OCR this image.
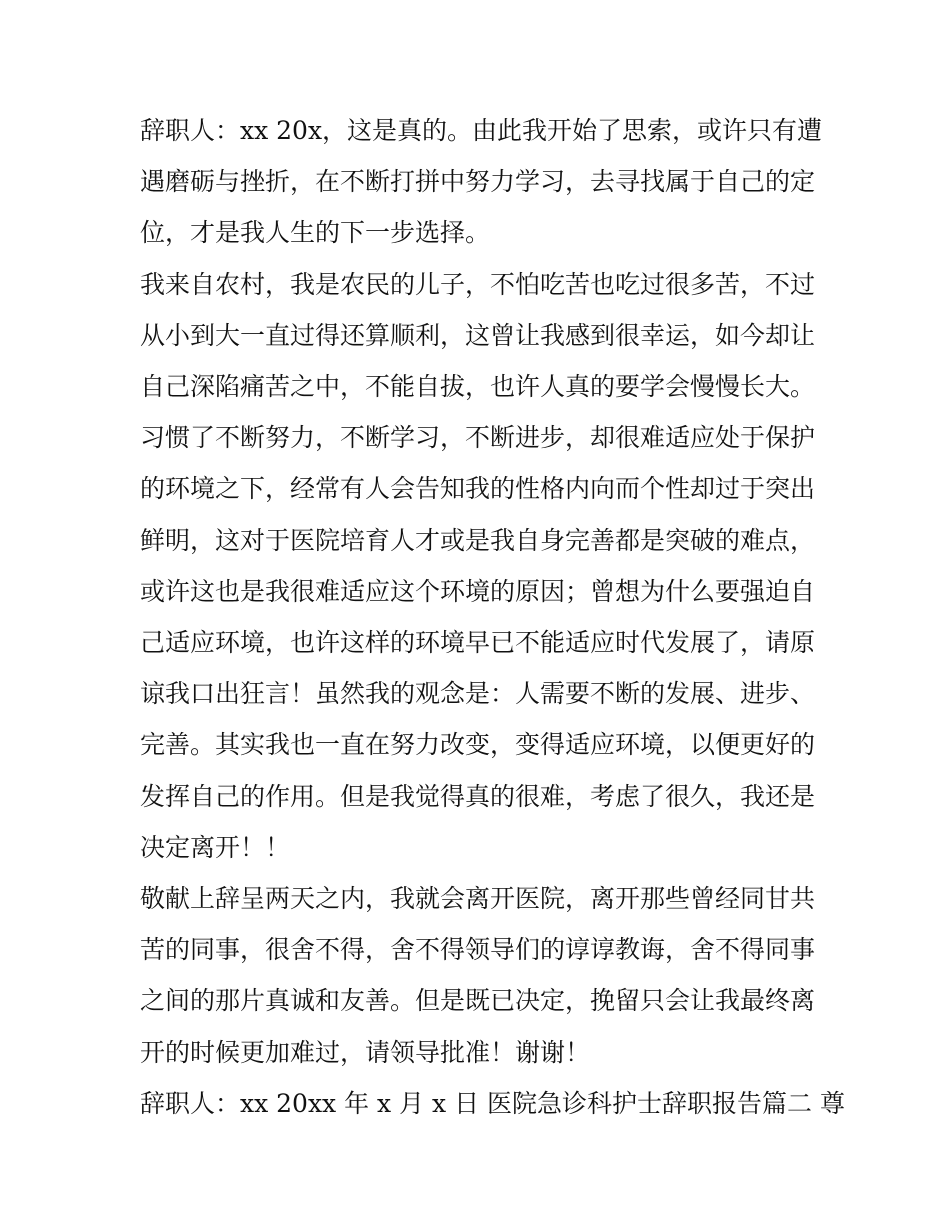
辞职人：xx 20x，这是真的。由此我开始了思索，或许只有遭
遇磨砺与挫折，在不断打拼中努力学习，去寻找属于自己的定
位，才是我人生的下一步选择。

我来自农村，我是农民的儿子，不怕吃苦也吃过很多苦，不过
从小到大一直过得还算顺利，这曾让我感到很幸运，如今却让
自己深陷痛苦之中，不能自拔，也许人真的要学会慢慢长大。
习惯了不断努力，不断学习，不断进步，却很难适应处于保护
的环境之下，经常有人会告知我的性格内向而个性却过于突出
鲜明，这对于医院培育人才或是我自身完善都是突破的难点，
或许这也是我很难适应这个环境的原因；曾想为什么要强迫自
己适应环境，也许这样的环境早已不能适应时代发展了，请原
谅我口出狂言！虽然我的观念是：人需要不断的发展、进步、
完善。其实我也一直在努力改变，变得适应环境，以便更好的
发挥自己的作用。但是我觉得真的很难，考虑了很久，我还是
决定离开！！

敬献上辞呈两天之内，我就会离开医院，离开那些曾经同甘共
苦的同事，很舍不得，舍不得领导们的谆谆教诲，舍不得同事
之间的那片真诚和友善。但是既已决定，挽留只会让我最终离
开的时候更加难过，请领导批准！谢谢！

辞职人：xx 20xx 年 x 月 x 日 医院急诊科护士辞职报告篇二 尊
